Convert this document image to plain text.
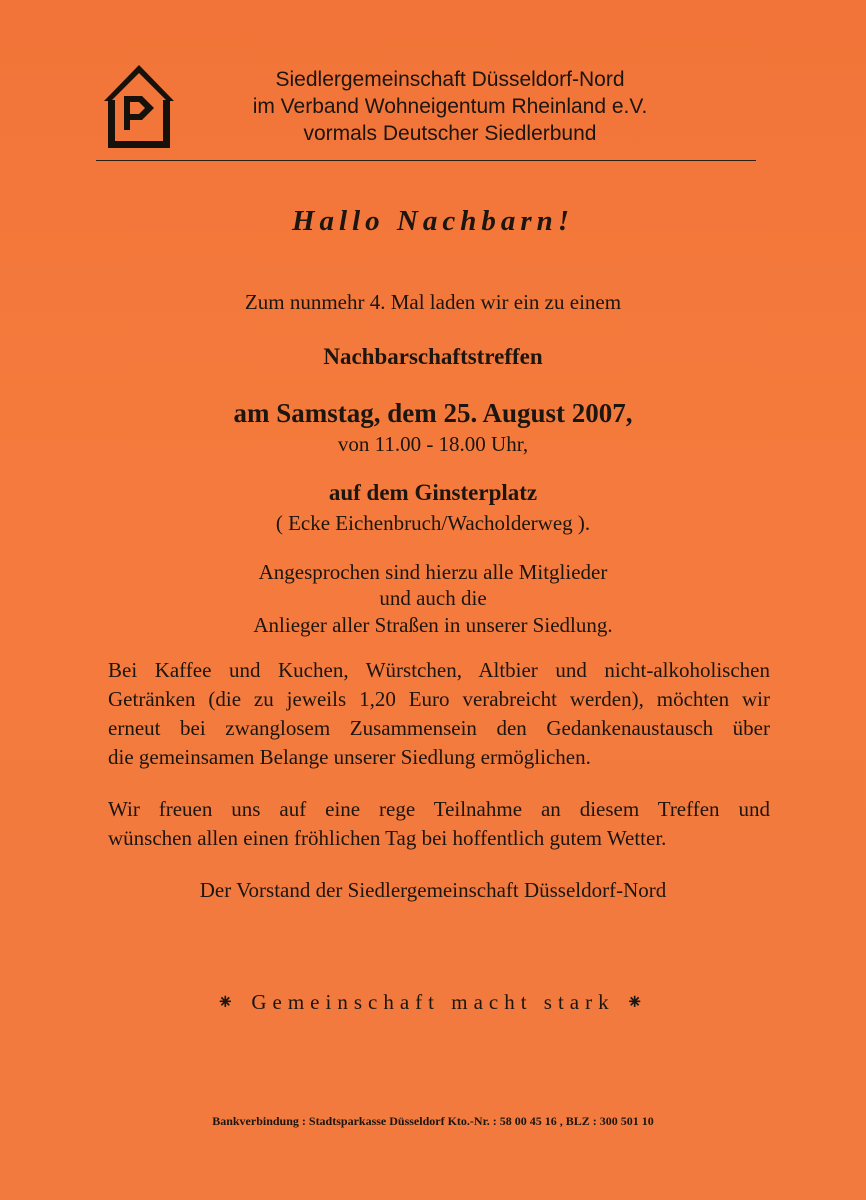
Siedlergemeinschaft Düsseldorf-Nord
im Verband Wohneigentum Rheinland e.V.
vormals Deutscher Siedlerbund
Hallo Nachbarn!
Zum nunmehr 4. Mal laden wir ein zu einem
Nachbarschaftstreffen
am Samstag, dem 25. August 2007,
von 11.00 - 18.00 Uhr,
auf dem Ginsterplatz
( Ecke Eichenbruch/Wacholderweg ).
Angesprochen sind hierzu alle Mitglieder
und auch die
Anlieger aller Straßen in unserer Siedlung.
Bei Kaffee und Kuchen, Würstchen, Altbier und nicht-alkoholischen
Getränken (die zu jeweils 1,20 Euro verabreicht werden), möchten wir
erneut bei zwanglosem Zusammensein den Gedankenaustausch über
die gemeinsamen Belange unserer Siedlung ermöglichen.
Wir freuen uns auf eine rege Teilnahme an diesem Treffen und
wünschen allen einen fröhlichen Tag bei hoffentlich gutem Wetter.
Der Vorstand der Siedlergemeinschaft Düsseldorf-Nord
⁕ Gemeinschaft macht stark ⁕
Bankverbindung : Stadtsparkasse Düsseldorf Kto.-Nr. : 58 00 45 16 , BLZ : 300 501 10
